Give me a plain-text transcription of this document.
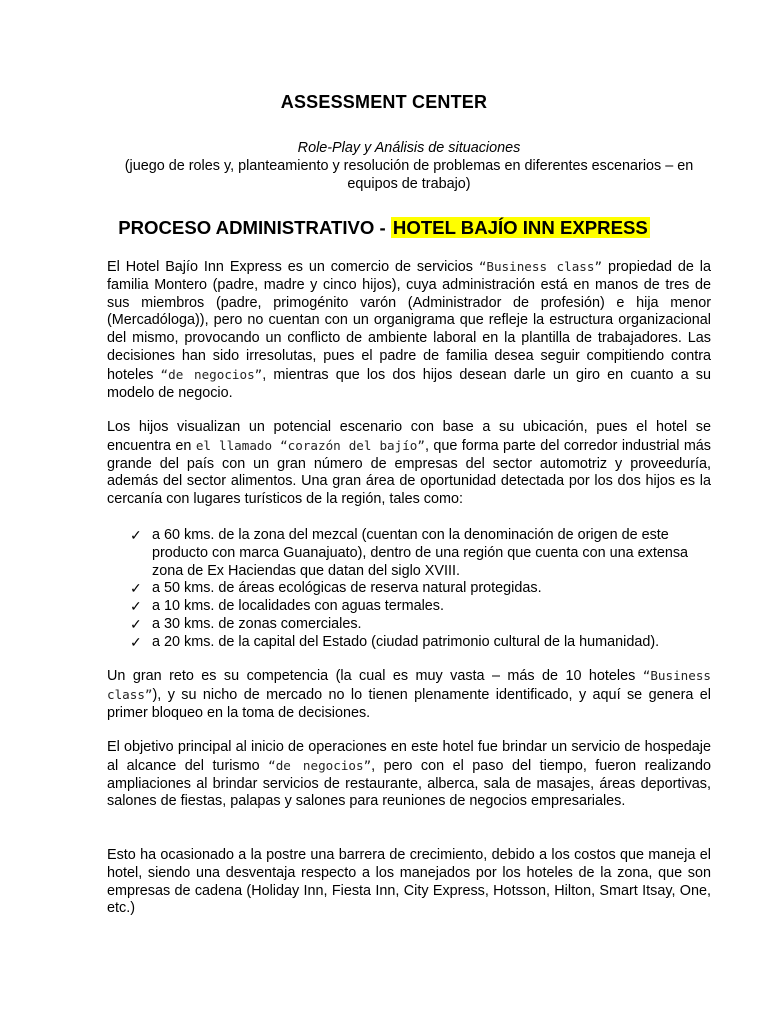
ASSESSMENT CENTER
Role-Play y Análisis de situaciones
(juego de roles y, planteamiento y resolución de problemas en diferentes escenarios – en equipos de trabajo)
PROCESO ADMINISTRATIVO - HOTEL BAJÍO INN EXPRESS
El Hotel Bajío Inn Express es un comercio de servicios “Business class” propiedad de la familia Montero (padre, madre y cinco hijos), cuya administración está en manos de tres de sus miembros (padre, primogénito varón (Administrador de profesión) e hija menor (Mercadóloga)), pero no cuentan con un organigrama que refleje la estructura organizacional del mismo, provocando un conflicto de ambiente laboral en la plantilla de trabajadores. Las decisiones han sido irresolutas, pues el padre de familia desea seguir compitiendo contra hoteles “de negocios”, mientras que los dos hijos desean darle un giro en cuanto a su modelo de negocio.
Los hijos visualizan un potencial escenario con base a su ubicación, pues el hotel se encuentra en el llamado “corazón del bajío”, que forma parte del corredor industrial más grande del país con un gran número de empresas del sector automotriz y proveeduría, además del sector alimentos. Una gran área de oportunidad detectada por los dos hijos es la cercanía con lugares turísticos de la región, tales como:
✓ a 60 kms. de la zona del mezcal (cuentan con la denominación de origen de este producto con marca Guanajuato), dentro de una región que cuenta con una extensa zona de Ex Haciendas que datan del siglo XVIII.
✓ a 50 kms. de áreas ecológicas de reserva natural protegidas.
✓ a 10 kms. de localidades con aguas termales.
✓ a 30 kms. de zonas comerciales.
✓ a 20 kms. de la capital del Estado (ciudad patrimonio cultural de la humanidad).
Un gran reto es su competencia (la cual es muy vasta – más de 10 hoteles “Business class”), y su nicho de mercado no lo tienen plenamente identificado, y aquí se genera el primer bloqueo en la toma de decisiones.
El objetivo principal al inicio de operaciones en este hotel fue brindar un servicio de hospedaje al alcance del turismo “de negocios”, pero con el paso del tiempo, fueron realizando ampliaciones al brindar servicios de restaurante, alberca, sala de masajes, áreas deportivas, salones de fiestas, palapas y salones para reuniones de negocios empresariales.
Esto ha ocasionado a la postre una barrera de crecimiento, debido a los costos que maneja el hotel, siendo una desventaja respecto a los manejados por los hoteles de la zona, que son empresas de cadena (Holiday Inn, Fiesta Inn, City Express, Hotsson, Hilton, Smart Itsay, One, etc.)
